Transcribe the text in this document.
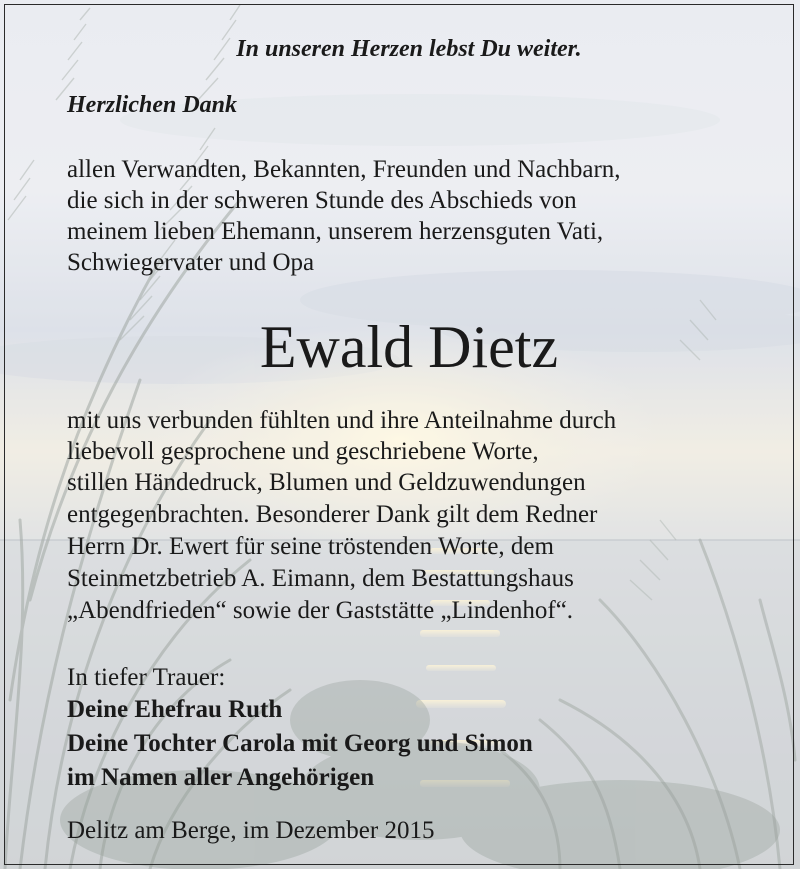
In unseren Herzen lebst Du weiter.
Herzlichen Dank
allen Verwandten, Bekannten, Freunden und Nachbarn,
die sich in der schweren Stunde des Abschieds von
meinem lieben Ehemann, unserem herzensguten Vati,
Schwiegervater und Opa
Ewald Dietz
mit uns verbunden fühlten und ihre Anteilnahme durch
liebevoll gesprochene und geschriebene Worte,
stillen Händedruck, Blumen und Geldzuwendungen
entgegenbrachten. Besonderer Dank gilt dem Redner
Herrn Dr. Ewert für seine tröstenden Worte, dem
Steinmetzbetrieb A. Eimann, dem Bestattungshaus
„Abendfrieden“ sowie der Gaststätte „Lindenhof“.
In tiefer Trauer:
Deine Ehefrau Ruth
Deine Tochter Carola mit Georg und Simon
im Namen aller Angehörigen
Delitz am Berge, im Dezember 2015
